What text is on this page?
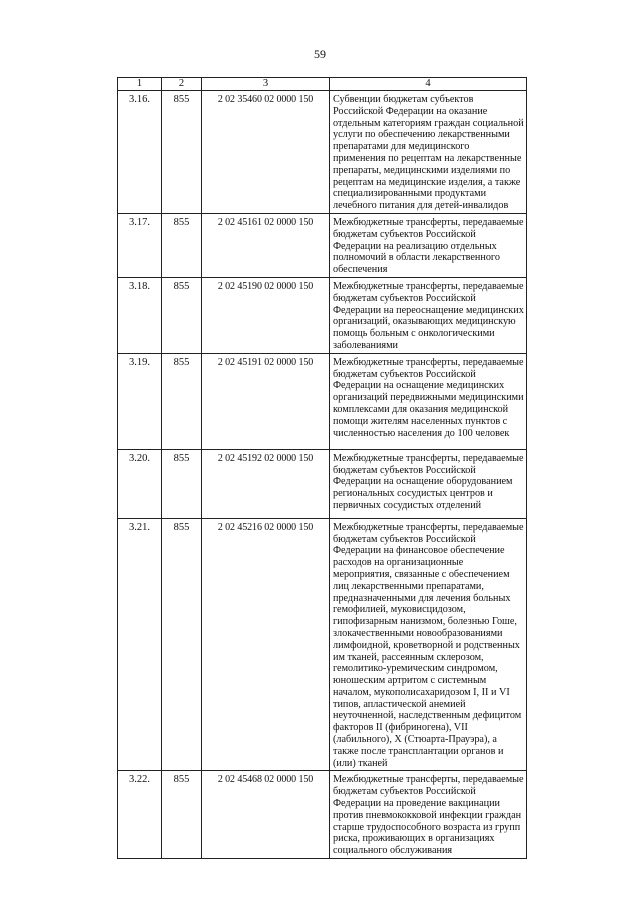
59
1	2	3	4
3.16.	855	2 02 35460 02 0000 150	Субвенции бюджетам субъектов Российской Федерации на оказание отдельным категориям граждан социальной услуги по обеспечению лекарственными препаратами для медицинского применения по рецептам на лекарственные препараты, медицинскими изделиями по рецептам на медицинские изделия, а также специализированными продуктами лечебного питания для детей-инвалидов
3.17.	855	2 02 45161 02 0000 150	Межбюджетные трансферты, передаваемые бюджетам субъектов Российской Федерации на реализацию отдельных полномочий в области лекарственного обеспечения
3.18.	855	2 02 45190 02 0000 150	Межбюджетные трансферты, передаваемые бюджетам субъектов Российской Федерации на переоснащение медицинских организаций, оказывающих медицинскую помощь больным с онкологическими заболеваниями
3.19.	855	2 02 45191 02 0000 150	Межбюджетные трансферты, передаваемые бюджетам субъектов Российской Федерации на оснащение медицинских организаций передвижными медицинскими комплексами для оказания медицинской помощи жителям населенных пунктов с численностью населения до 100 человек
3.20.	855	2 02 45192 02 0000 150	Межбюджетные трансферты, передаваемые бюджетам субъектов Российской Федерации на оснащение оборудованием региональных сосудистых центров и первичных сосудистых отделений
3.21.	855	2 02 45216 02 0000 150	Межбюджетные трансферты, передаваемые бюджетам субъектов Российской Федерации на финансовое обеспечение расходов на организационные мероприятия, связанные с обеспечением лиц лекарственными препаратами, предназначенными для лечения больных гемофилией, муковисцидозом, гипофизарным нанизмом, болезнью Гоше, злокачественными новообразованиями лимфоидной, кроветворной и родственных им тканей, рассеянным склерозом, гемолитико-уремическим синдромом, юношеским артритом с системным началом, мукополисахаридозом I, II и VI типов, апластической анемией неуточненной, наследственным дефицитом факторов II (фибриногена), VII (лабильного), X (Стюарта-Прауэра), а также после трансплантации органов и (или) тканей
3.22.	855	2 02 45468 02 0000 150	Межбюджетные трансферты, передаваемые бюджетам субъектов Российской Федерации на проведение вакцинации против пневмококковой инфекции граждан старше трудоспособного возраста из групп риска, проживающих в организациях социального обслуживания
